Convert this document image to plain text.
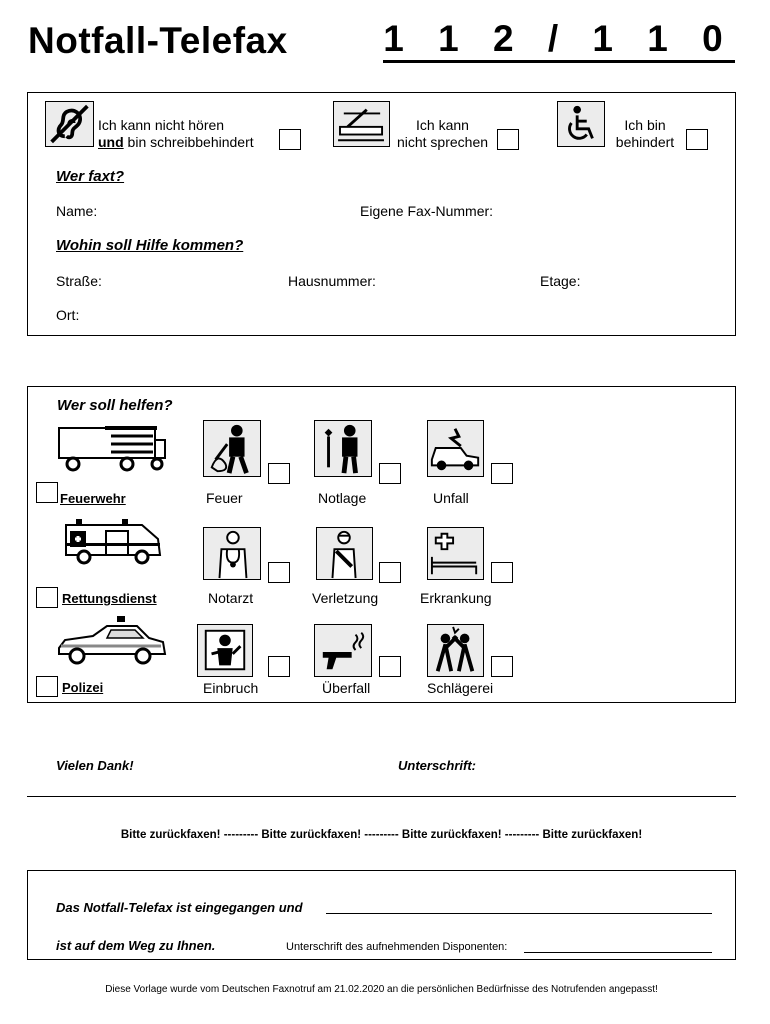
Notfall-Telefax	1 1 2 / 1 1 0
Ich kann nicht hören
und bin schreibbehindert
Ich kann
nicht sprechen
Ich bin
behindert
Wer faxt?
Name:	Eigene Fax-Nummer:
Wohin soll Hilfe kommen?
Straße:	Hausnummer:	Etage:
Ort:
Wer soll helfen?
Feuerwehr	Feuer	Notlage	Unfall
Rettungsdienst	Notarzt	Verletzung	Erkrankung
Polizei	Einbruch	Überfall	Schlägerei
Vielen Dank!	Unterschrift:
Bitte zurückfaxen! --------- Bitte zurückfaxen! --------- Bitte zurückfaxen! --------- Bitte zurückfaxen!
Das Notfall-Telefax ist eingegangen und
ist auf dem Weg zu Ihnen.	Unterschrift des aufnehmenden Disponenten:
Diese Vorlage wurde vom Deutschen Faxnotruf am 21.02.2020 an die persönlichen Bedürfnisse des Notrufenden angepasst!
